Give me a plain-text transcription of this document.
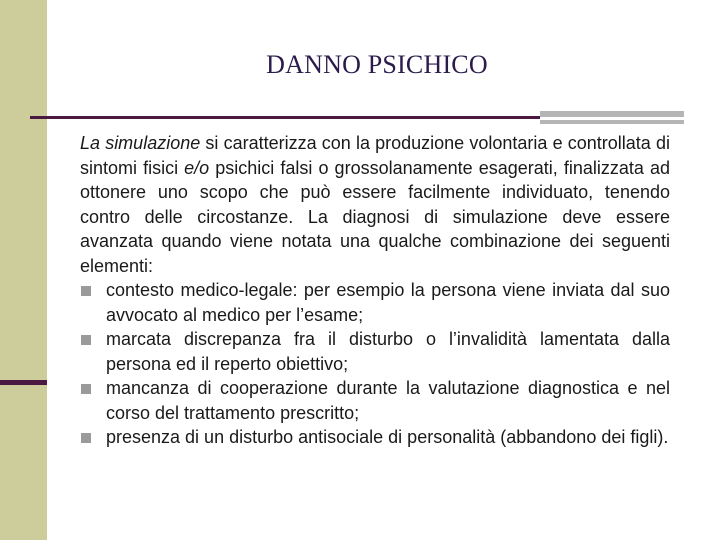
DANNO PSICHICO

La simulazione si caratterizza con la produzione volontaria e controllata di sintomi fisici e/o psichici falsi o grossolanamente esagerati, finalizzata ad ottonere uno scopo che può essere facilmente individuato, tenendo contro delle circostanze. La diagnosi di simulazione deve essere avanzata quando viene notata una qualche combinazione dei seguenti elementi:

contesto medico-legale: per esempio la persona viene inviata dal suo avvocato al medico per l’esame;
marcata discrepanza fra il disturbo o l’invalidità lamentata dalla persona ed il reperto obiettivo;
mancanza di cooperazione durante la valutazione diagnostica e nel corso del trattamento prescritto;
presenza di un disturbo antisociale di personalità (abbandono dei figli).
